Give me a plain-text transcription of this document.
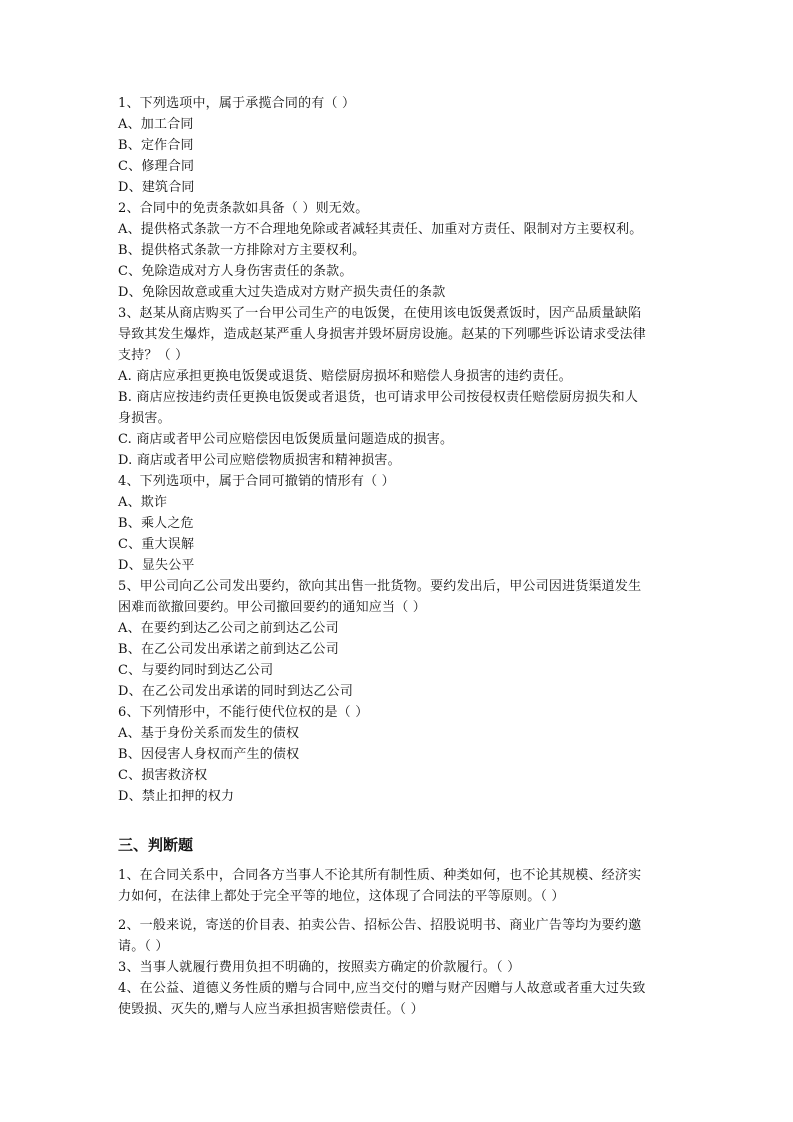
1、下列选项中，属于承揽合同的有（ ）
A、加工合同
B、定作合同
C、修理合同
D、建筑合同
2、合同中的免责条款如具备（ ）则无效。
A、提供格式条款一方不合理地免除或者减轻其责任、加重对方责任、限制对方主要权利。
B、提供格式条款一方排除对方主要权利。
C、免除造成对方人身伤害责任的条款。
D、免除因故意或重大过失造成对方财产损失责任的条款
3、赵某从商店购买了一台甲公司生产的电饭煲，在使用该电饭煲煮饭时，因产品质量缺陷
导致其发生爆炸，造成赵某严重人身损害并毁坏厨房设施。赵某的下列哪些诉讼请求受法律
支持？（ ）
A. 商店应承担更换电饭煲或退货、赔偿厨房损坏和赔偿人身损害的违约责任。
B. 商店应按违约责任更换电饭煲或者退货，也可请求甲公司按侵权责任赔偿厨房损失和人
身损害。
C. 商店或者甲公司应赔偿因电饭煲质量问题造成的损害。
D. 商店或者甲公司应赔偿物质损害和精神损害。
4、下列选项中，属于合同可撤销的情形有（ ）
A、欺诈
B、乘人之危
C、重大误解
D、显失公平
5、甲公司向乙公司发出要约，欲向其出售一批货物。要约发出后，甲公司因进货渠道发生
困难而欲撤回要约。甲公司撤回要约的通知应当（ ）
A、在要约到达乙公司之前到达乙公司
B、在乙公司发出承诺之前到达乙公司
C、与要约同时到达乙公司
D、在乙公司发出承诺的同时到达乙公司
6、下列情形中，不能行使代位权的是（ ）
A、基于身份关系而发生的债权
B、因侵害人身权而产生的债权
C、损害救济权
D、禁止扣押的权力
三、判断题
1、在合同关系中，合同各方当事人不论其所有制性质、种类如何，也不论其规模、经济实
力如何，在法律上都处于完全平等的地位，这体现了合同法的平等原则。（ ）
2、一般来说，寄送的价目表、拍卖公告、招标公告、招股说明书、商业广告等均为要约邀
请。（ ）
3、当事人就履行费用负担不明确的，按照卖方确定的价款履行。（ ）
4、在公益、道德义务性质的赠与合同中,应当交付的赠与财产因赠与人故意或者重大过失致
使毁损、灭失的,赠与人应当承担损害赔偿责任。（ ）
